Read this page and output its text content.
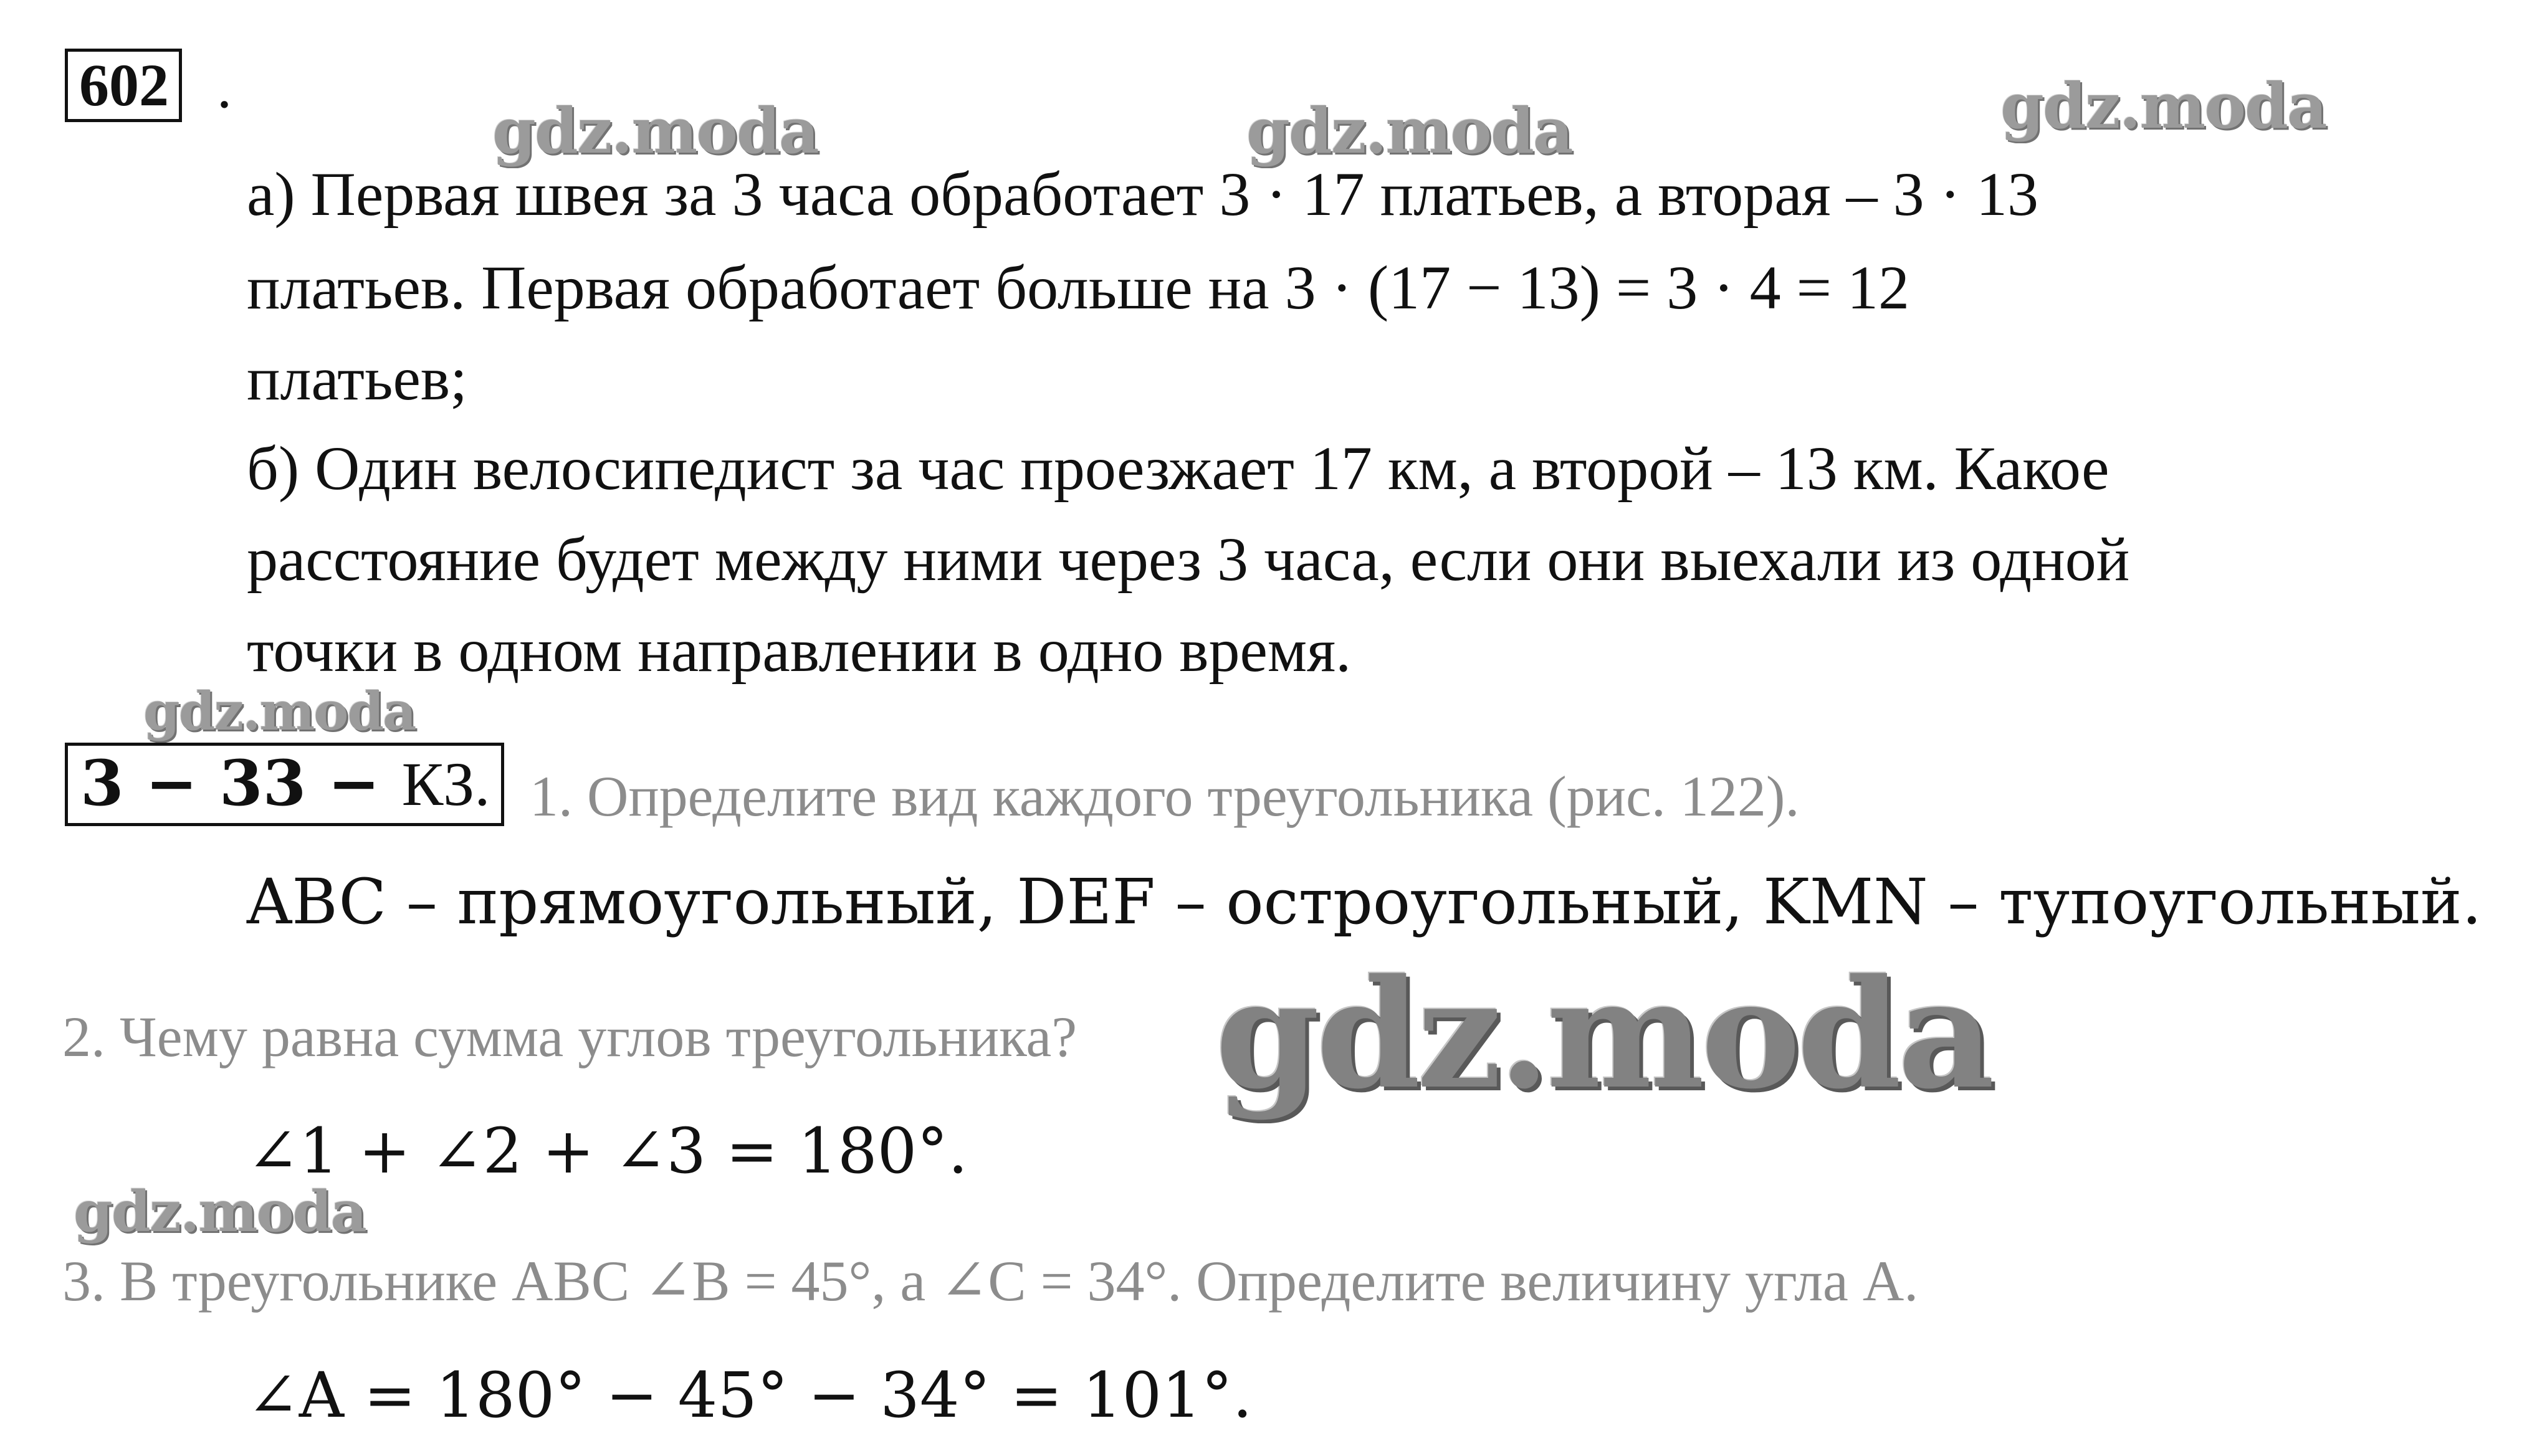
gdz.moda	gdz.moda	gdz.moda
gdz.moda
gdz.moda
gdz.moda
602 .
а) Первая швея за 3 часа обработает 3 · 17 платьев, а вторая – 3 · 13
платьев. Первая обработает больше на 3 · (17 − 13) = 3 · 4 = 12
платьев;
б) Один велосипедист за час проезжает 17 км, а второй – 13 км. Какое
расстояние будет между ними через 3 часа, если они выехали из одной
точки в одном направлении в одно время.
3 − 33 − КЗ. 1. Определите вид каждого треугольника (рис. 122).
ABC – прямоугольный, DEF – остроугольный, KMN – тупоугольный.
2. Чему равна сумма углов треугольника?
∠1 + ∠2 + ∠3 = 180°.
3. В треугольнике ABC ∠B = 45°, а ∠C = 34°. Определите величину угла A.
∠A = 180° − 45° − 34° = 101°.
